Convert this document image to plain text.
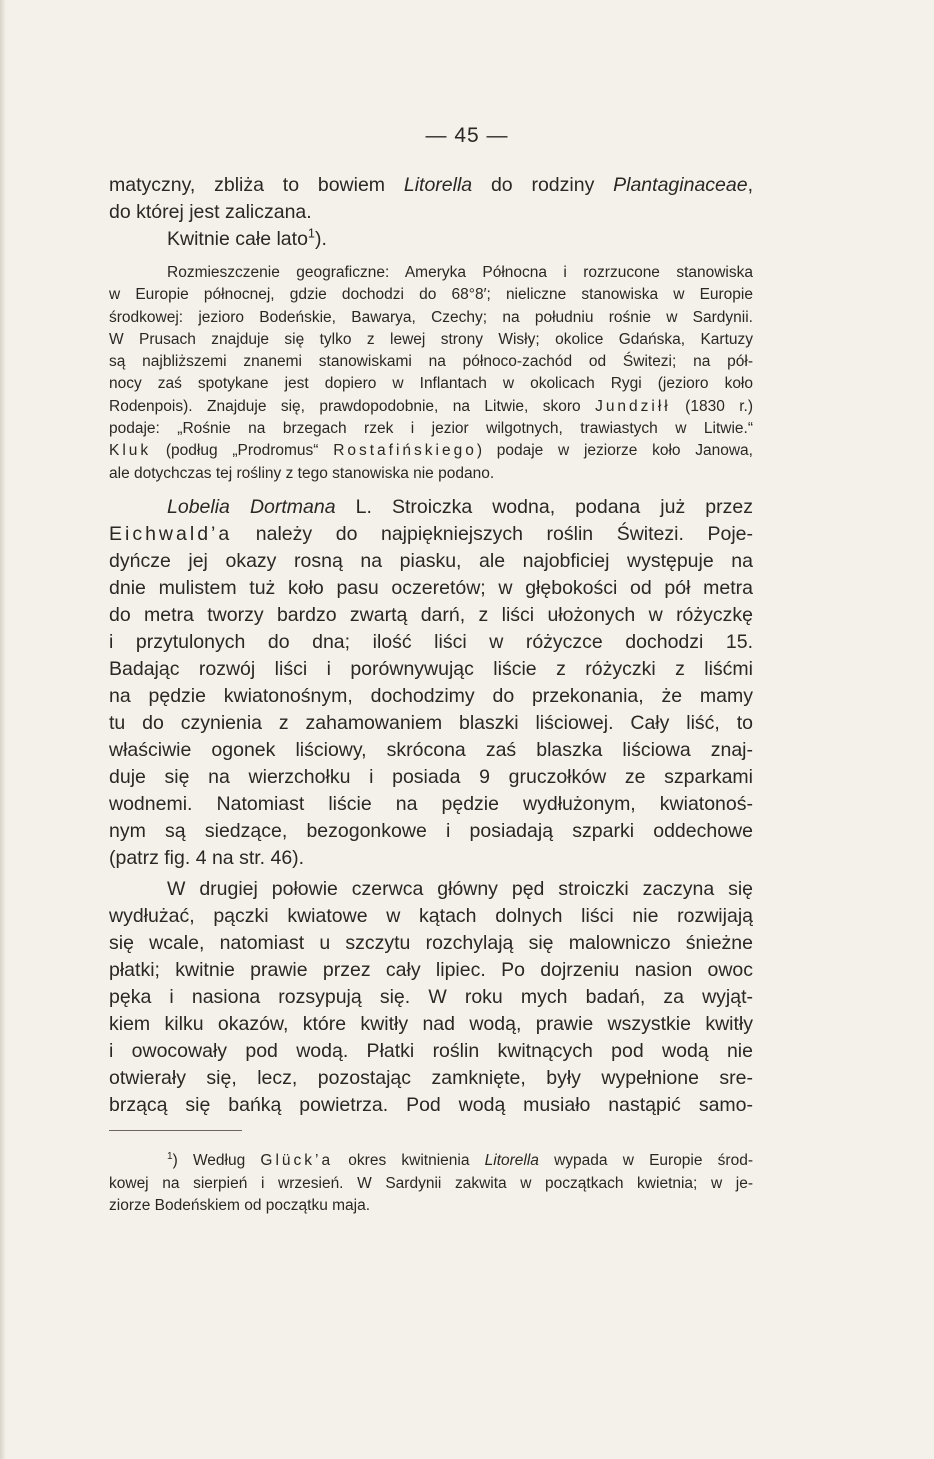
— 45 —
matyczny, zbliża to bowiem Litorella do rodziny Plantaginaceae,
do której jest zaliczana.
Kwitnie całe lato$^1$).
Rozmieszczenie geograficzne: Ameryka Północna i rozrzucone stanowiska
w Europie północnej, gdzie dochodzi do 68°8′; nieliczne stanowiska w Europie
środkowej: jezioro Bodeńskie, Bawarya, Czechy; na południu rośnie w Sardynii.
W Prusach znajduje się tylko z lewej strony Wisły; okolice Gdańska, Kartuzy
są najbliższemi znanemi stanowiskami na północo-zachód od Świtezi; na pół-
nocy zaś spotykane jest dopiero w Inflantach w okolicach Rygi (jezioro koło
Rodenpois). Znajduje się, prawdopodobnie, na Litwie, skoro Jundziłł (1830 r.)
podaje: „Rośnie na brzegach rzek i jezior wilgotnych, trawiastych w Litwie.“
Kluk (podług „Prodromus“ Rostafińskiego) podaje w jeziorze koło Janowa,
ale dotychczas tej rośliny z tego stanowiska nie podano.
Lobelia Dortmana L. Stroiczka wodna, podana już przez
Eichwald’a należy do najpiękniejszych roślin Świtezi. Poje-
dyńcze jej okazy rosną na piasku, ale najobficiej występuje na
dnie mulistem tuż koło pasu oczeretów; w głębokości od pół metra
do metra tworzy bardzo zwartą darń, z liści ułożonych w różyczkę
i przytulonych do dna; ilość liści w różyczce dochodzi 15.
Badając rozwój liści i porównywując liście z różyczki z liśćmi
na pędzie kwiatonośnym, dochodzimy do przekonania, że mamy
tu do czynienia z zahamowaniem blaszki liściowej. Cały liść, to
właściwie ogonek liściowy, skrócona zaś blaszka liściowa znaj-
duje się na wierzchołku i posiada 9 gruczołków ze szparkami
wodnemi. Natomiast liście na pędzie wydłużonym, kwiatonoś-
nym są siedzące, bezogonkowe i posiadają szparki oddechowe
(patrz fig. 4 na str. 46).
W drugiej połowie czerwca główny pęd stroiczki zaczyna się
wydłużać, pączki kwiatowe w kątach dolnych liści nie rozwijają
się wcale, natomiast u szczytu rozchylają się malowniczo śnieżne
płatki; kwitnie prawie przez cały lipiec. Po dojrzeniu nasion owoc
pęka i nasiona rozsypują się. W roku mych badań, za wyjąt-
kiem kilku okazów, które kwitły nad wodą, prawie wszystkie kwitły
i owocowały pod wodą. Płatki roślin kwitnących pod wodą nie
otwierały się, lecz, pozostając zamknięte, były wypełnione sre-
brzącą się bańką powietrza. Pod wodą musiało nastąpić samo-
$^1$) Według Glück’a okres kwitnienia Litorella wypada w Europie środ-
kowej na sierpień i wrzesień. W Sardynii zakwita w początkach kwietnia; w je-
ziorze Bodeńskiem od początku maja.
